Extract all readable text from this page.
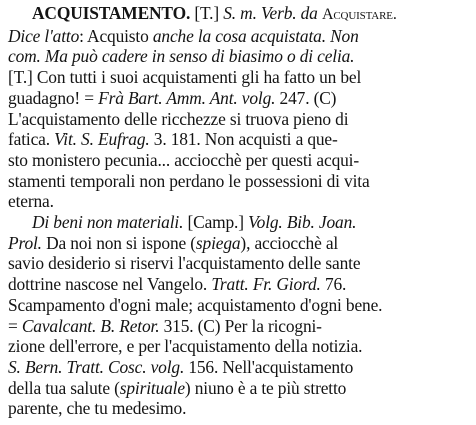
ACQUISTAMENTO. [T.] S. m. Verb. da Acquistare.
Dice l'atto: Acquisto anche la cosa acquistata. Non
com. Ma può cadere in senso di biasimo o di celia.
[T.] Con tutti i suoi acquistamenti gli ha fatto un bel
guadagno! = Frà Bart. Amm. Ant. volg. 247. (C)
L'acquistamento delle ricchezze si truova pieno di
fatica. Vit. S. Eufrag. 3. 181. Non acquisti a que-
sto monistero pecunia... acciocchè per questi acqui-
stamenti temporali non perdano le possessioni di vita
eterna.
Di beni non materiali. [Camp.] Volg. Bib. Joan.
Prol. Da noi non si ispone (spiega), acciocchè al
savio desiderio si riservi l'acquistamento delle sante
dottrine nascose nel Vangelo. Tratt. Fr. Giord. 76.
Scampamento d'ogni male; acquistamento d'ogni bene.
= Cavalcant. B. Retor. 315. (C) Per la ricogni-
zione dell'errore, e per l'acquistamento della notizia.
S. Bern. Tratt. Cosc. volg. 156. Nell'acquistamento
della tua salute (spirituale) niuno è a te più stretto
parente, che tu medesimo.
